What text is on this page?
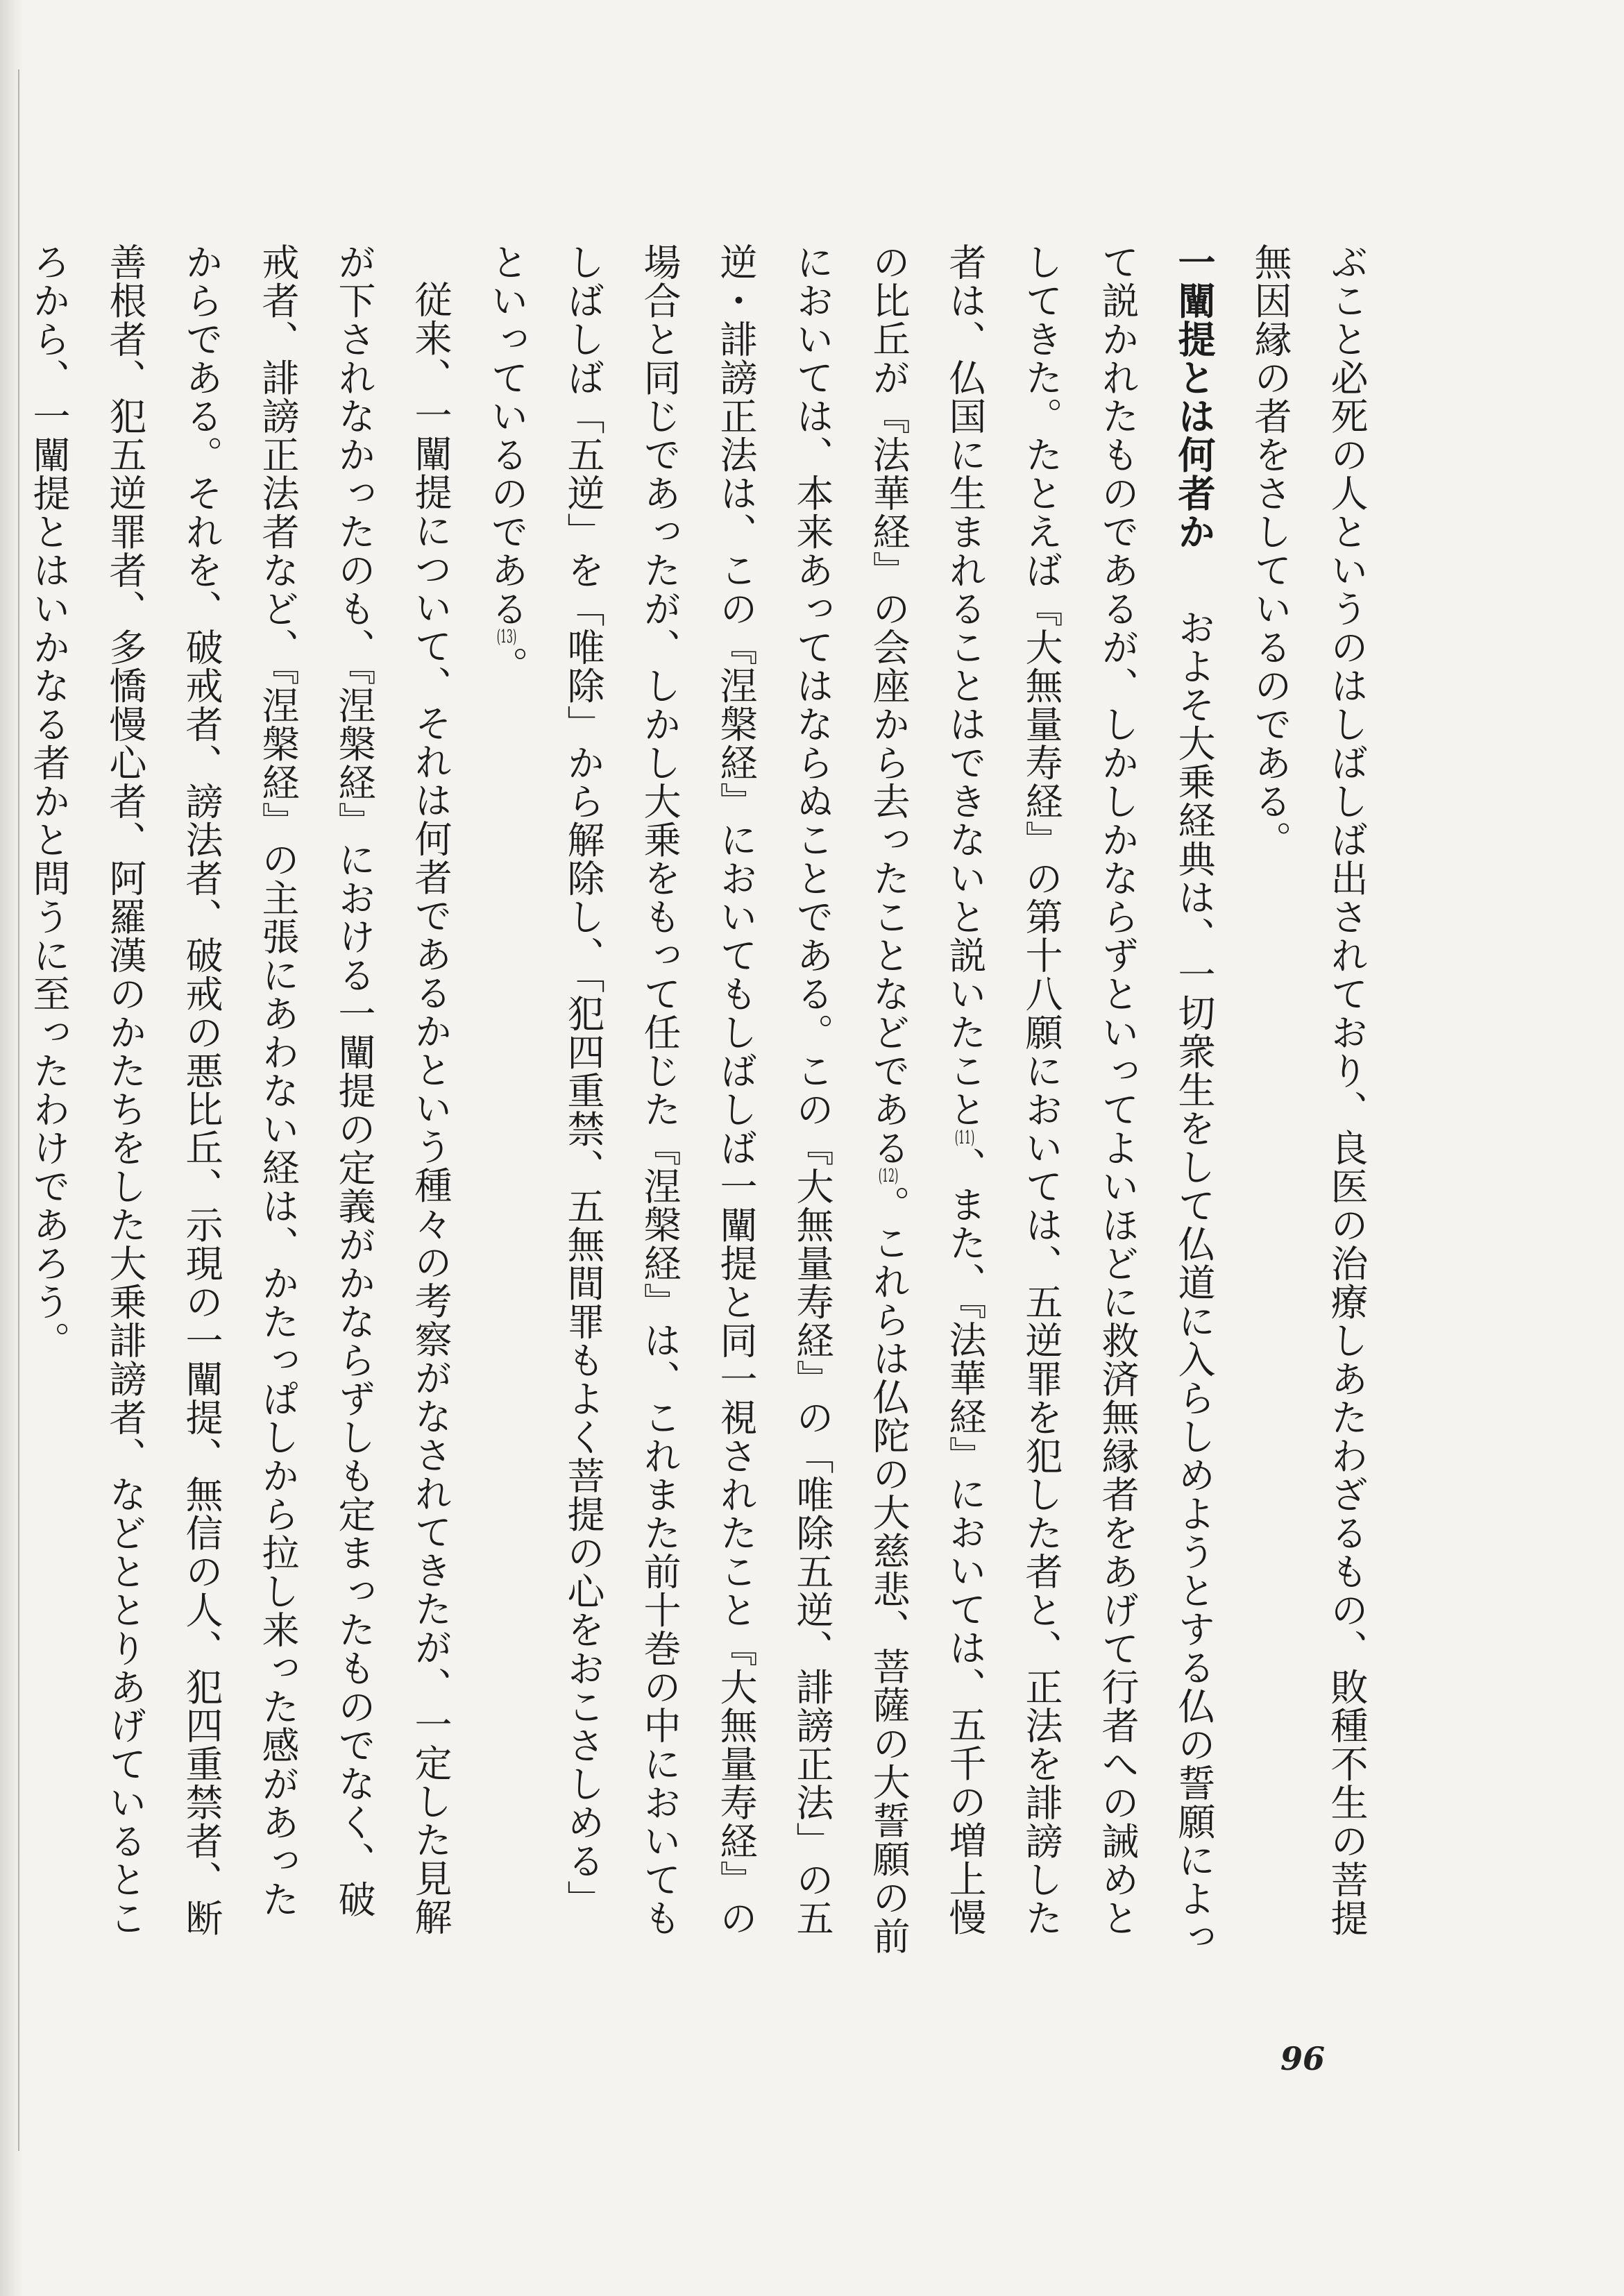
ぶこと必死の人というのはしばしば出されており、良医の治療しあたわざるもの、敗種不生の菩提無因縁の者をさしているのである。

一闡提とは何者か およそ大乗経典は、一切衆生をして仏道に入らしめようとする仏の誓願によって説かれたものであるが、しかしかならずといってよいほどに救済無縁者をあげて行者への誡めとしてきた。たとえば『大無量寿経』の第十八願においては、五逆罪を犯した者と、正法を誹謗した者は、仏国に生まれることはできないと説いたこと(11)、また、『法華経』においては、五千の増上慢の比丘が『法華経』の会座から去ったことなどである(12)。これらは仏陀の大慈悲、菩薩の大誓願の前においては、本来あってはならぬことである。この『大無量寿経』の「唯除五逆、誹謗正法」の五逆・誹謗正法は、この『涅槃経』においてもしばしば一闡提と同一視されたこと『大無量寿経』の場合と同じであったが、しかし大乗をもって任じた『涅槃経』は、これまた前十巻の中においてもしばしば「五逆」を「唯除」から解除し、「犯四重禁、五無間罪もよく菩提の心をおこさしめる」といっているのである(13)。

従来、一闡提について、それは何者であるかという種々の考察がなされてきたが、一定した見解が下されなかったのも、『涅槃経』における一闡提の定義がかならずしも定まったものでなく、破戒者、誹謗正法者など、『涅槃経』の主張にあわない経は、かたっぱしから拉し来った感があったからである。それを、破戒者、謗法者、破戒の悪比丘、示現の一闡提、無信の人、犯四重禁者、断善根者、犯五逆罪者、多憍慢心者、阿羅漢のかたちをした大乗誹謗者、などととりあげているところから、一闡提とはいかなる者かと問うに至ったわけであろう。

96
